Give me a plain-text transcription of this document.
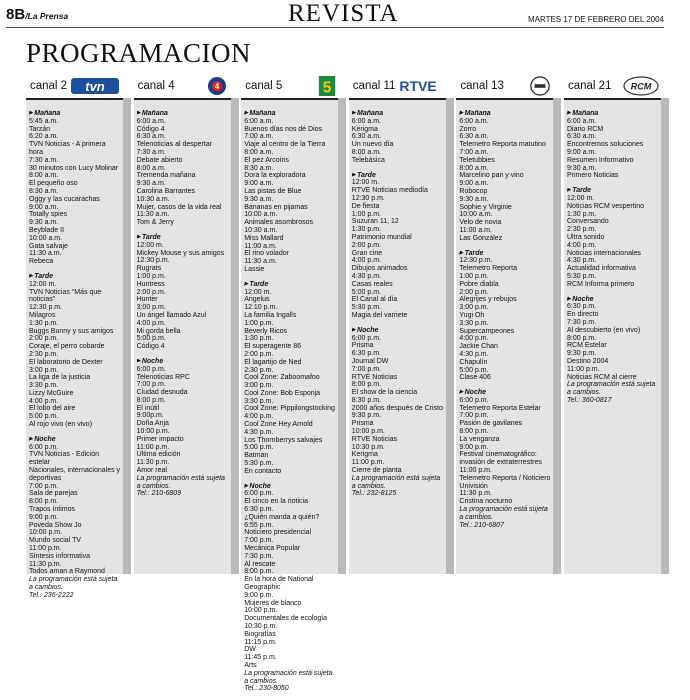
8B/La Prensa	REVISTA	MARTES 17 DE FEBRERO DEL 2004
PROGRAMACION
canal 2 tvn
▶ Mañana
5:45 a.m.
Tarzán
6:20 a.m.
TVN Noticias - A primera hora
7:30 a.m.
30 minutos con Lucy Molinar
8:00 a.m.
El pequeño oso
8:30 a.m.
Oggy y las cucarachas
9:00 a.m.
Totally spies
9:30 a.m.
Beyblade II
10:00 a.m.
Gata salvaje
11:30 a.m.
Rebeca
▶ Tarde
12:00 m.
TVN Noticias "Más que noticias"
12:30 p.m.
Milagros
1:30 p.m.
Buggs Bunny y sus amigos
2:00 p.m.
Coraje, el perro cobarde
2:30 p.m.
El laboratorio de Dexter
3:00 p.m.
La liga de la justicia
3:30 p.m.
Lizzy McGuire
4:00 p.m.
El lobo del aire
5:00 p.m.
Al rojo vivo (en vivo)
▶ Noche
6:00 p.m.
TVN Noticias - Edición estelar
Nacionales, internacionales y deportivas
7:00 p.m.
Sala de parejas
8:00 p.m.
Trapos íntimos
9:00 p.m.
Poveda Show Jo
10:00 p.m.
Mundo social TV
11:00 p.m.
Síntesis informativa
11:30 p.m.
Todos aman a Raymond
La programación está sujeta a cambios.
Tel.: 236-2222
canal 4	4
▶ Mañana
6:00 a.m.
Código 4
6:30 a.m.
Telenoticias al despertar
7:30 a.m.
Debate abierto
8:00 a.m.
Tremenda mañana
9:30 a.m.
Carolina Barrantes
10:30 a.m.
Mujer, casos de la vida real
11:30 a.m.
Tom & Jerry
▶ Tarde
12:00 m.
Mickey Mouse y sus amigos
12:30 p.m.
Rugrats
1:00 p.m.
Huntress
2:00 p.m.
Hunter
3:00 p.m.
Un ángel llamado Azul
4:00 p.m.
Mi gorda bella
5:00 p.m.
Código 4
▶ Noche
6:00 p.m.
Telenoticias RPC
7:00 p.m.
Ciudad desnuda
8:00 p.m.
El inútil
9:00p.m.
Doña Anja
10:00 p.m.
Primer impacto
11:00 p.m.
Ultima edición
11:30 p.m.
Amor real
La programación está sujeta a cambios.
Tel.: 210-6809
canal 5 5
▶ Mañana
6:00 a.m.
Buenos días nos dé Dios
7:00 a.m.
Viaje al centro de la Tierra
8:00 a.m.
El pez Arcoíris
8:30 a.m.
Dora la exploradora
9:00 a.m.
Las pistas de Blue
9:30 a.m.
Bananas en pijamas
10:00 a.m.
Animales asombrosos
10:30 a.m.
Miss Mallard
11:00 a.m.
El rino volador
11:30 a.m.
Lassie
▶ Tarde
12:00 m.
Angelus
12:10 p.m.
La familia Ingalls
1:00 p.m.
Beverly Ricos
1:30 p.m.
El superagente 86
2:00 p.m.
El lagartijo de Ned
2:30 p.m.
Cool Zone: Zaboomafoo
3:00 p.m.
Cool Zone: Bob Esponja
3:30 p.m.
Cool Zone: Pippilongstocking
4:00 p.m.
Cool Zone Hey Arnold
4:30 p.m.
Los Thornberrys salvajes
5:00 p.m.
Batman
5:30 p.m.
En contacto
▶ Noche
6:00 p.m.
El cinco en la noticia
6:30 p.m.
¿Quién manda a quién?
6:55 p.m.
Noticiero presidencial
7:00 p.m.
Mecánica Popular
7:30 p.m.
Al rescate
8:00 p.m.
En la hora de National Geographic
9:00 p.m.
Mujeres de blanco
10:00 p.m.
Documentales de ecología
10:30 p.m.
Biografías
11:15 p.m.
DW
11:45 p.m.
Arts
La programación está sujeta a cambios.
Tel.: 230-8050
canal 11 RTVE
▶ Mañana
6:00 a.m.
Kerigma
6:30 a.m.
Un nuevo día
8:00 a.m.
Telebásica
▶ Tarde
12:00 m.
RTVE Noticias mediodía
12:30 p.m.
De fiesta
1:00 p.m.
Suzuran 11, 12
1:30 p.m.
Patrimonio mundial
2:00 p.m.
Gran cine
4:00 p.m.
Dibujos animados
4:30 p.m.
Casas reales
5:00 p.m.
El Canal al día
5:30 p.m.
Magia del varriete
▶ Noche
6:00 p.m.
Prisma
6:30 p.m.
Journal DW
7:00 p.m.
RTVE Noticias
8:00 p.m.
El show de la ciencia
8:30 p.m.
2000 años después de Cristo
9:30 p.m.
Prisma
10:00 p.m.
RTVE Noticias
10:30 p.m.
Kerigma
11:00 p.m.
Cierre de planta
La programación está sujeta a cambios.
Tel.: 232-8125
canal 13
▶ Mañana
6:00 a.m.
Zorro
6:30 a.m.
Telemetro Reporta matutino
7:00 a.m.
Teletubbies
8:00 a.m.
Marcelino pan y vino
9:00 a.m.
Robocop
9:30 a.m.
Sophie y Virginie
10:00 a.m.
Velo de novia
11:00 a.m.
Las González
▶ Tarde
12:30 p.m.
Telemetro Reporta
1:00 p.m.
Pobre diabla
2:00 p.m.
Alegrijes y rebujos
3:00 p.m.
Yugi Oh
3:30 p.m.
Supercampeones
4:00 p.m.
Jackie Chan
4:30 p.m.
Chapulín
5:00 p.m.
Clase 406
▶ Noche
6:00 p.m.
Telemetro Reporta Estelar
7:00 p.m.
Pasión de gavilanes
8:00 p.m.
La venganza
9:00 p.m.
Festival cinematográfico: invasión de extraterrestres
11:00 p.m.
Telemetro Reporta / Noticiero Univisión
11:30 p.m.
Cristina nocturno
La programación está sujeta a cambios.
Tel.: 210-6807
canal 21 RCM
▶ Mañana
6:00 a.m.
Diario RCM
6:30 a.m.
Encontremos soluciones
9:00 a.m.
Resumen Informativo
9:30 a.m.
Primero Noticias
▶ Tarde
12:00 m.
Noticias RCM vespertino
1:30 p.m.
Conversando
2:30 p.m.
Ultra sonido
4:00 p.m.
Noticias internacionales
4:30 p.m.
Actualidad informativa
5:30 p.m.
RCM Informa primero
▶ Noche
6:30 p.m.
En directo
7:30 p.m.
Al descubierto (en vivo)
8:00 p.m.
RCM Estelar
9:30 p.m.
Destino 2004
11:00 p.m.
Noticias RCM al cierre
La programación está sujeta a cambios.
Tel.: 360-0817
